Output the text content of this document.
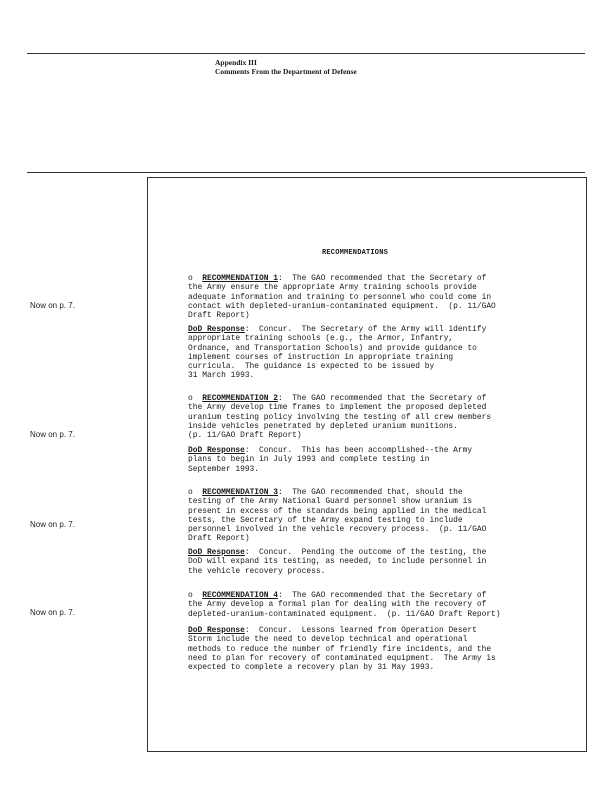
Appendix III
Comments From the Department of Defense
RECOMMENDATIONS
Now on p. 7.
Now on p. 7.
Now on p. 7.
Now on p. 7.
o  RECOMMENDATION 1:  The GAO recommended that the Secretary of
the Army ensure the appropriate Army training schools provide
adequate information and training to personnel who could come in
contact with depleted-uranium-contaminated equipment.  (p. 11/GAO
Draft Report)
DoD Response:  Concur.  The Secretary of the Army will identify
appropriate training schools (e.g., the Armor, Infantry,
Ordnance, and Transportation Schools) and provide guidance to
implement courses of instruction in appropriate training
curricula.  The guidance is expected to be issued by
31 March 1993.
o  RECOMMENDATION 2:  The GAO recommended that the Secretary of
the Army develop time frames to implement the proposed depleted
uranium testing policy involving the testing of all crew members
inside vehicles penetrated by depleted uranium munitions.
(p. 11/GAO Draft Report)
DoD Response:  Concur.  This has been accomplished--the Army
plans to begin in July 1993 and complete testing in
September 1993.
o  RECOMMENDATION 3:  The GAO recommended that, should the
testing of the Army National Guard personnel show uranium is
present in excess of the standards being applied in the medical
tests, the Secretary of the Army expand testing to include
personnel involved in the vehicle recovery process.  (p. 11/GAO
Draft Report)
DoD Response:  Concur.  Pending the outcome of the testing, the
DoD will expand its testing, as needed, to include personnel in
the vehicle recovery process.
o  RECOMMENDATION 4:  The GAO recommended that the Secretary of
the Army develop a formal plan for dealing with the recovery of
depleted-uranium-contaminated equipment.  (p. 11/GAO Draft Report)
DoD Response:  Concur.  Lessons learned from Operation Desert
Storm include the need to develop technical and operational
methods to reduce the number of friendly fire incidents, and the
need to plan for recovery of contaminated equipment.  The Army is
expected to complete a recovery plan by 31 May 1993.
